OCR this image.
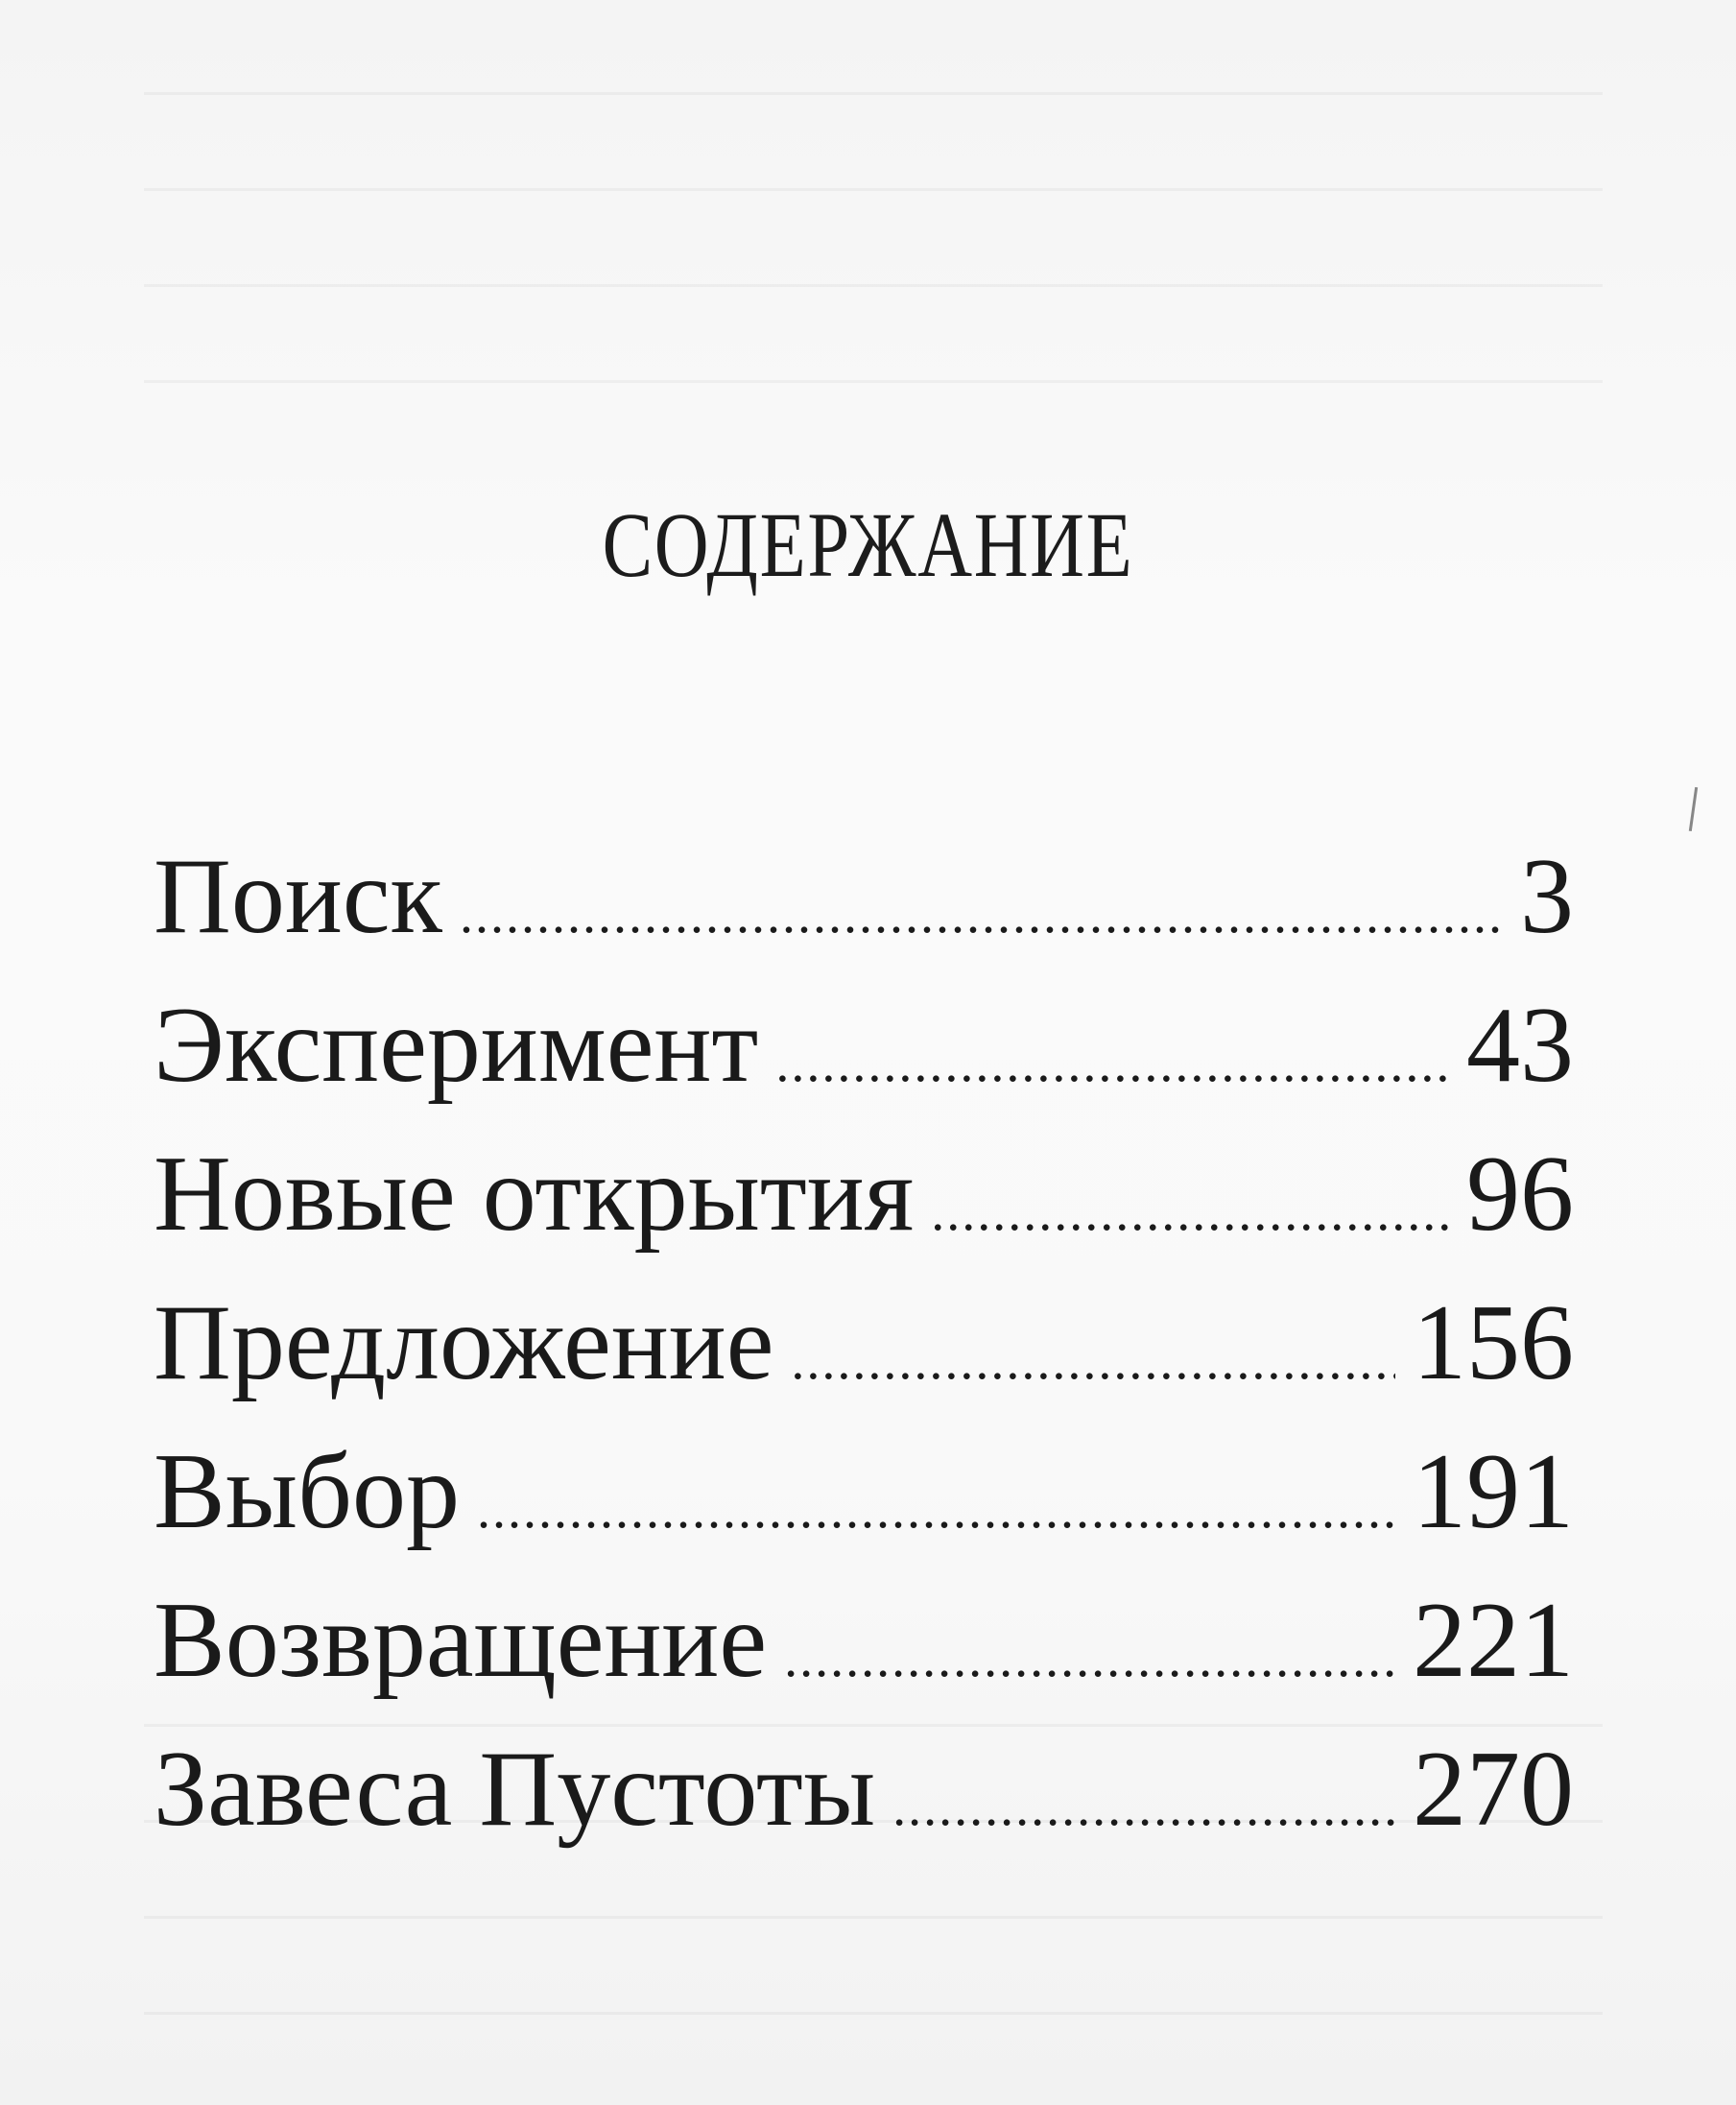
СОДЕРЖАНИЕ
Поиск .....	3
Эксперимент .....	43
Новые открытия .....	96
Предложение .....	156
Выбор .....	191
Возвращение .....	221
Завеса Пустоты .....	270
